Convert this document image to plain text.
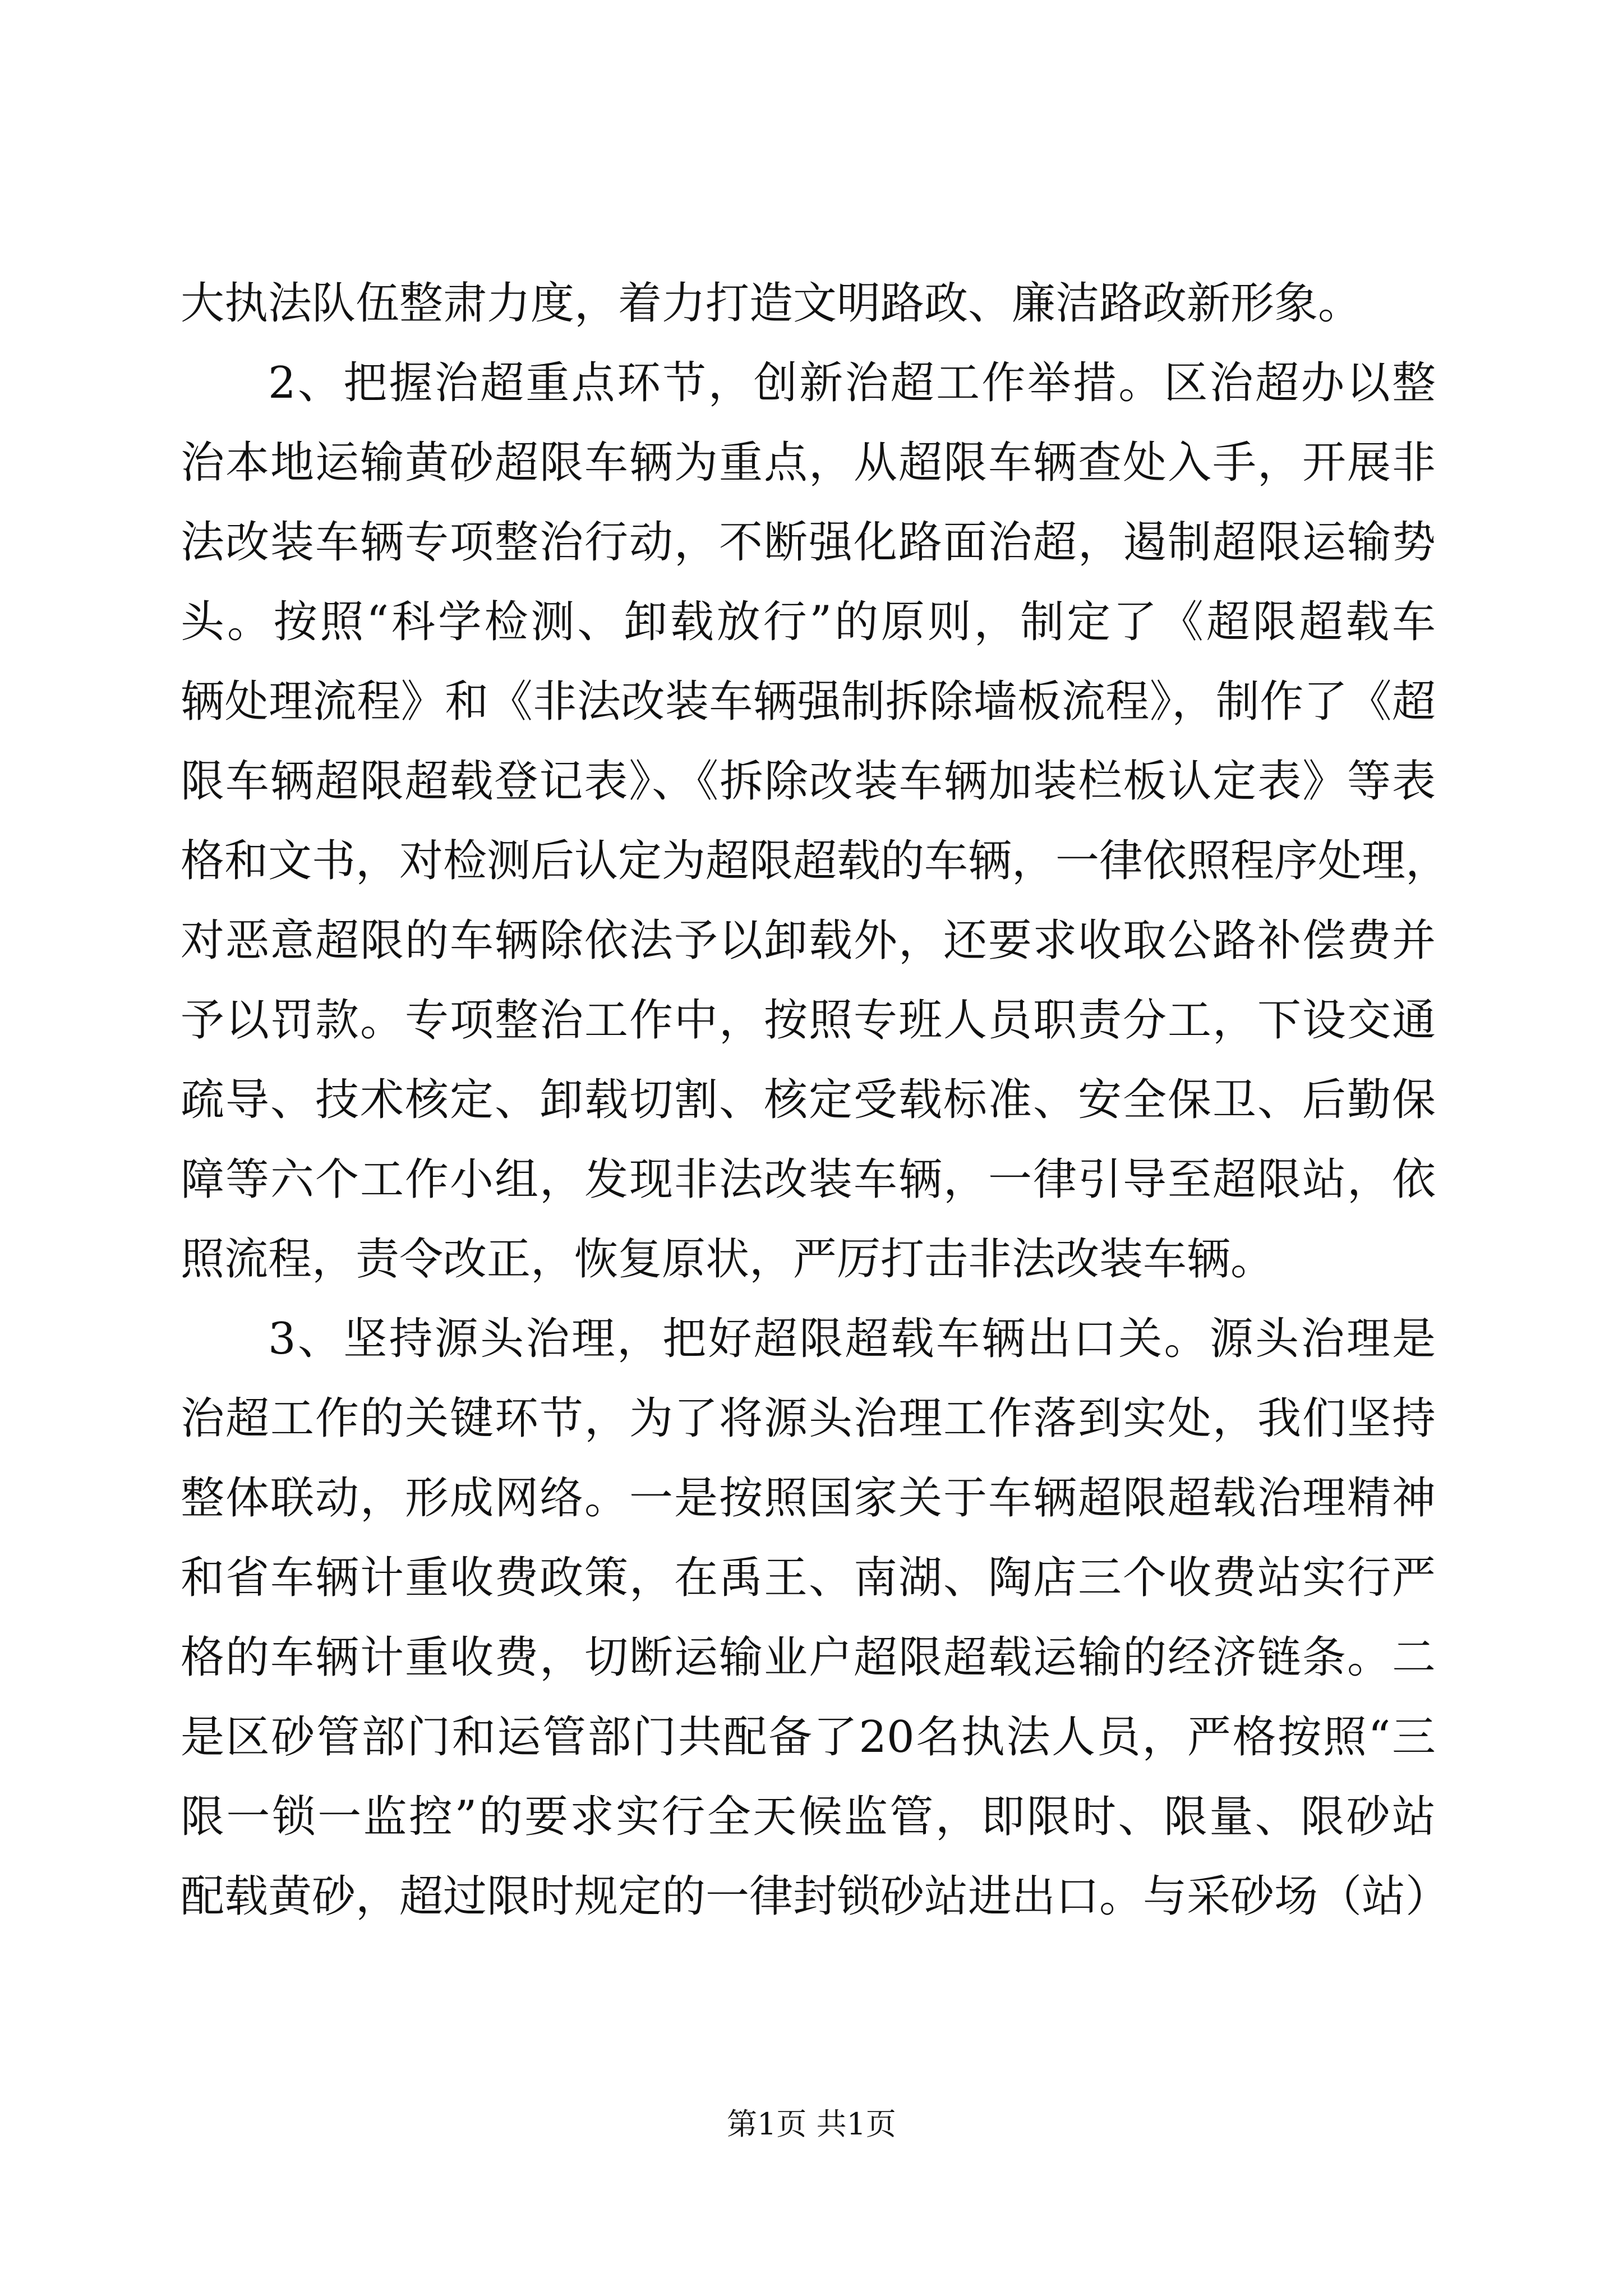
大执法队伍整肃力度，着力打造文明路政、廉洁路政新形象。
2、把握治超重点环节，创新治超工作举措。区治超办以整
治本地运输黄砂超限车辆为重点，从超限车辆查处入手，开展非
法改装车辆专项整治行动，不断强化路面治超，遏制超限运输势
头。按照“科学检测、卸载放行”的原则，制定了《超限超载车
辆处理流程》和《非法改装车辆强制拆除墙板流程》，制作了《超
限车辆超限超载登记表》、《拆除改装车辆加装栏板认定表》等表
格和文书，对检测后认定为超限超载的车辆，一律依照程序处理，
对恶意超限的车辆除依法予以卸载外，还要求收取公路补偿费并
予以罚款。专项整治工作中，按照专班人员职责分工，下设交通
疏导、技术核定、卸载切割、核定受载标准、安全保卫、后勤保
障等六个工作小组，发现非法改装车辆，一律引导至超限站，依
照流程，责令改正，恢复原状，严厉打击非法改装车辆。
3、坚持源头治理，把好超限超载车辆出口关。源头治理是
治超工作的关键环节，为了将源头治理工作落到实处，我们坚持
整体联动，形成网络。一是按照国家关于车辆超限超载治理精神
和省车辆计重收费政策，在禹王、南湖、陶店三个收费站实行严
格的车辆计重收费，切断运输业户超限超载运输的经济链条。二
是区砂管部门和运管部门共配备了20名执法人员，严格按照“三
限一锁一监控”的要求实行全天候监管，即限时、限量、限砂站
配载黄砂，超过限时规定的一律封锁砂站进出口。与采砂场（站）
第1页 共1页
